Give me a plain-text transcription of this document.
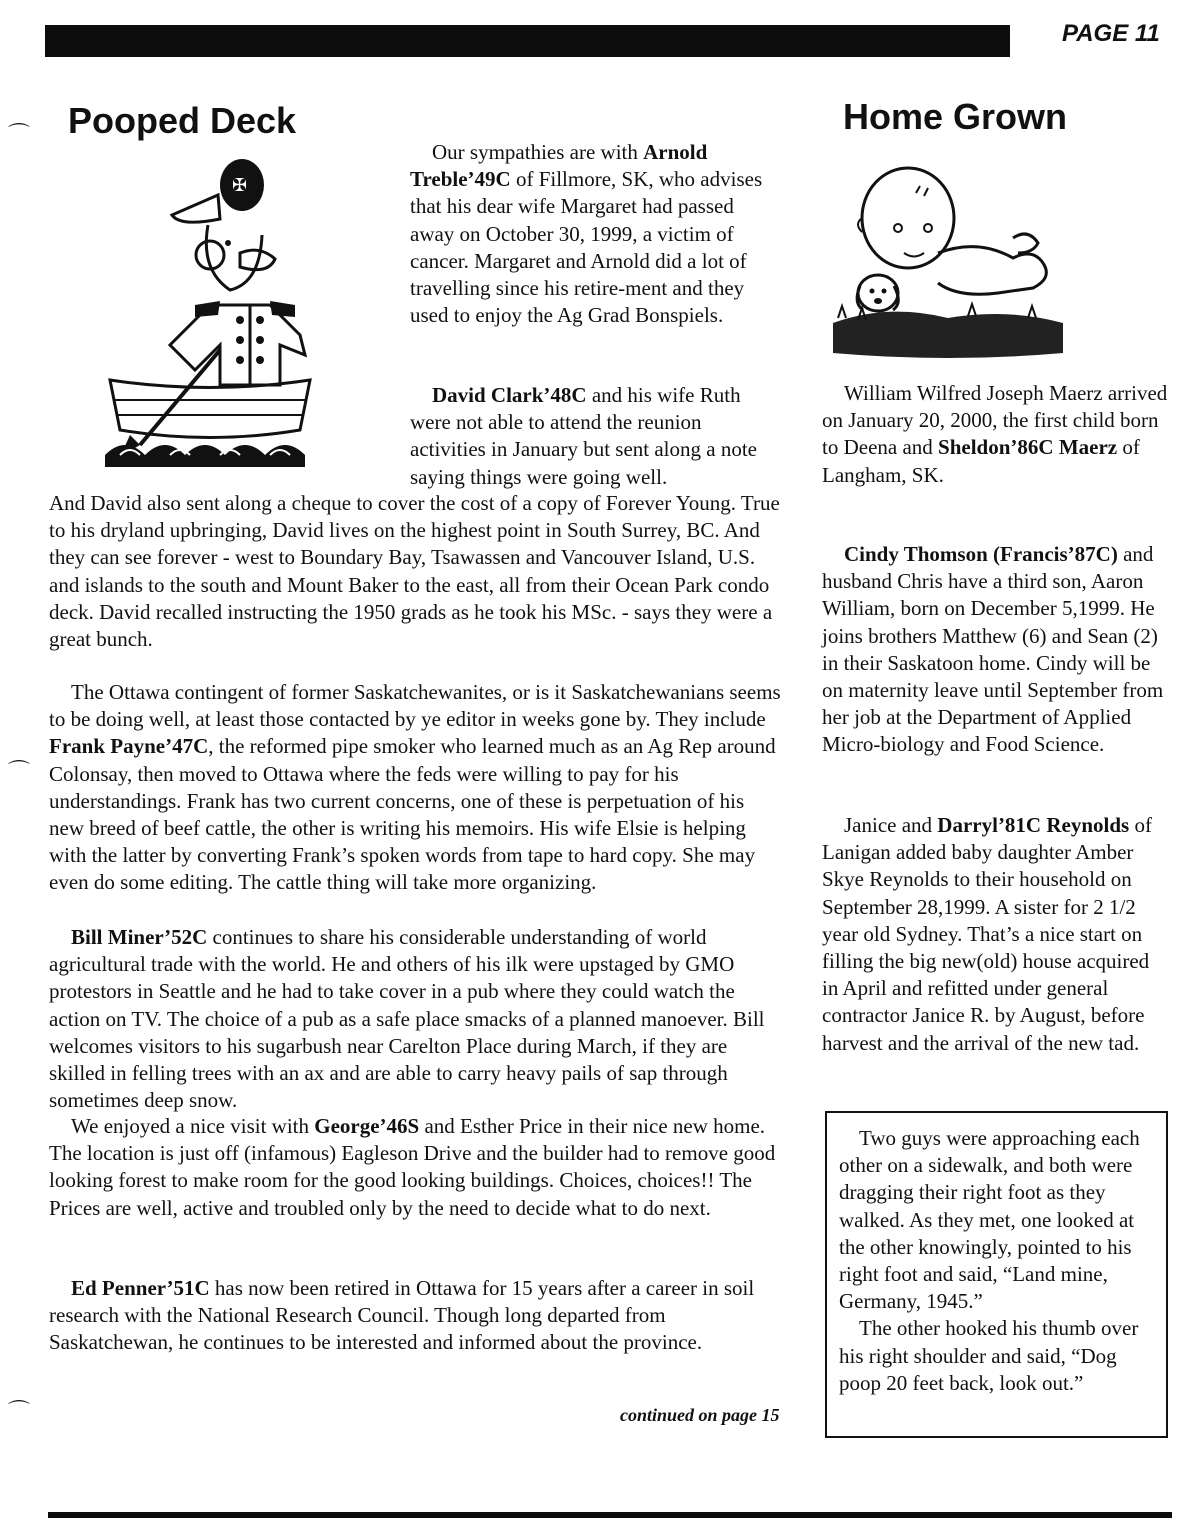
PAGE 11
⌒
⌒
⌒
Pooped Deck
✠

Our sympathies are with Arnold Treble’49C of Fillmore, SK, who advises that his dear wife Margaret had passed away on October 30, 1999, a victim of cancer. Margaret and Arnold did a lot of travelling since his retire-ment and they used to enjoy the Ag Grad Bonspiels.

David Clark’48C and his wife Ruth were not able to attend the reunion activities in January but sent along a note saying things were going well.

And David also sent along a cheque to cover the cost of a copy of Forever Young. True to his dryland upbringing, David lives on the highest point in South Surrey, BC. And they can see forever - west to Boundary Bay, Tsawassen and Vancouver Island, U.S. and islands to the south and Mount Baker to the east, all from their Ocean Park condo deck. David recalled instructing the 1950 grads as he took his MSc. - says they were a great bunch.

The Ottawa contingent of former Saskatchewanites, or is it Saskatchewanians seems to be doing well, at least those contacted by ye editor in weeks gone by. They include Frank Payne’47C, the reformed pipe smoker who learned much as an Ag Rep around Colonsay, then moved to Ottawa where the feds were willing to pay for his understandings. Frank has two current concerns, one of these is perpetuation of his new breed of beef cattle, the other is writing his memoirs. His wife Elsie is helping with the latter by converting Frank’s spoken words from tape to hard copy. She may even do some editing. The cattle thing will take more organizing.

Bill Miner’52C continues to share his considerable understanding of world agricultural trade with the world. He and others of his ilk were upstaged by GMO protestors in Seattle and he had to take cover in a pub where they could watch the action on TV. The choice of a pub as a safe place smacks of a planned manoever. Bill welcomes visitors to his sugarbush near Carelton Place during March, if they are skilled in felling trees with an ax and are able to carry heavy pails of sap through sometimes deep snow.

We enjoyed a nice visit with George’46S and Esther Price in their nice new home. The location is just off (infamous) Eagleson Drive and the builder had to remove good looking forest to make room for the good looking buildings. Choices, choices!! The Prices are well, active and troubled only by the need to decide what to do next.

Ed Penner’51C has now been retired in Ottawa for 15 years after a career in soil research with the National Research Council. Though long departed from Saskatchewan, he continues to be interested and informed about the province.

continued on page 15
Home Grown

William Wilfred Joseph Maerz arrived on January 20, 2000, the first child born to Deena and Sheldon’86C Maerz of Langham, SK.

Cindy Thomson (Francis’87C) and husband Chris have a third son, Aaron William, born on December 5,1999. He joins brothers Matthew (6) and Sean (2) in their Saskatoon home. Cindy will be on maternity leave until September from her job at the Department of Applied Micro-biology and Food Science.

Janice and Darryl’81C Reynolds of Lanigan added baby daughter Amber Skye Reynolds to their household on September 28,1999. A sister for 2 1/2 year old Sydney. That’s a nice start on filling the big new(old) house acquired in April and refitted under general contractor Janice R. by August, before harvest and the arrival of the new tad.

Two guys were approaching each other on a sidewalk, and both were dragging their right foot as they walked. As they met, one looked at the other knowingly, pointed to his right foot and said, “Land mine, Germany, 1945.”

The other hooked his thumb over his right shoulder and said, “Dog poop 20 feet back, look out.”
